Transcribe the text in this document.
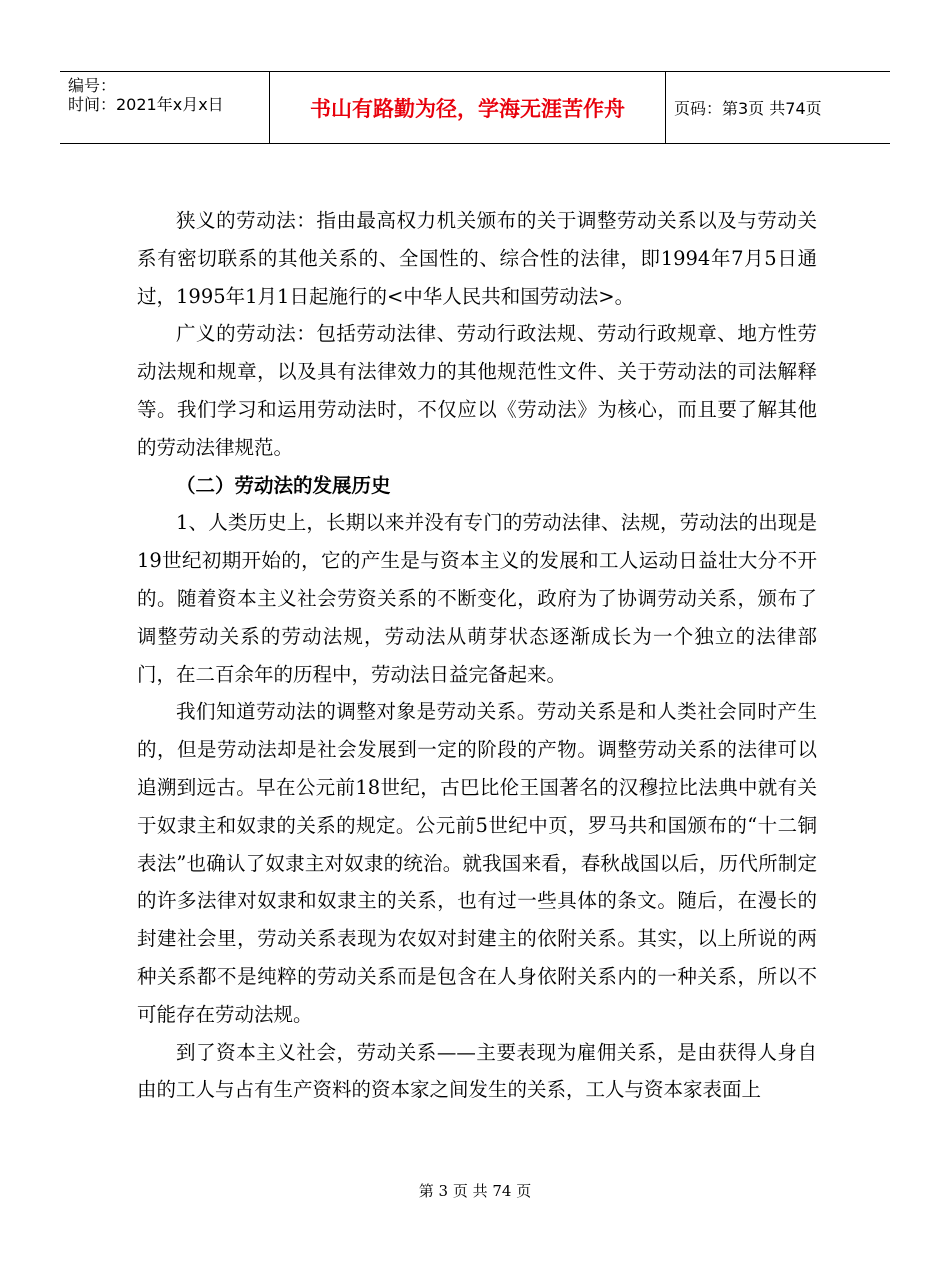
编号：
时间：2021年x月x日	书山有路勤为径，学海无涯苦作舟	页码：第3页 共74页

狭义的劳动法：指由最高权力机关颁布的关于调整劳动关系以及与劳动关系有密切联系的其他关系的、全国性的、综合性的法律，即1994年7月5日通过，1995年1月1日起施行的<中华人民共和国劳动法>。

广义的劳动法：包括劳动法律、劳动行政法规、劳动行政规章、地方性劳动法规和规章，以及具有法律效力的其他规范性文件、关于劳动法的司法解释等。我们学习和运用劳动法时，不仅应以《劳动法》为核心，而且要了解其他的劳动法律规范。

（二）劳动法的发展历史

1、人类历史上，长期以来并没有专门的劳动法律、法规，劳动法的出现是19世纪初期开始的，它的产生是与资本主义的发展和工人运动日益壮大分不开的。随着资本主义社会劳资关系的不断变化，政府为了协调劳动关系，颁布了调整劳动关系的劳动法规，劳动法从萌芽状态逐渐成长为一个独立的法律部门，在二百余年的历程中，劳动法日益完备起来。

我们知道劳动法的调整对象是劳动关系。劳动关系是和人类社会同时产生的，但是劳动法却是社会发展到一定的阶段的产物。调整劳动关系的法律可以追溯到远古。早在公元前18世纪，古巴比伦王国著名的汉穆拉比法典中就有关于奴隶主和奴隶的关系的规定。公元前5世纪中页，罗马共和国颁布的“十二铜表法”也确认了奴隶主对奴隶的统治。就我国来看，春秋战国以后，历代所制定的许多法律对奴隶和奴隶主的关系，也有过一些具体的条文。随后，在漫长的封建社会里，劳动关系表现为农奴对封建主的依附关系。其实，以上所说的两种关系都不是纯粹的劳动关系而是包含在人身依附关系内的一种关系，所以不可能存在劳动法规。

到了资本主义社会，劳动关系——主要表现为雇佣关系，是由获得人身自由的工人与占有生产资料的资本家之间发生的关系，工人与资本家表面上

第 3 页 共 74 页
